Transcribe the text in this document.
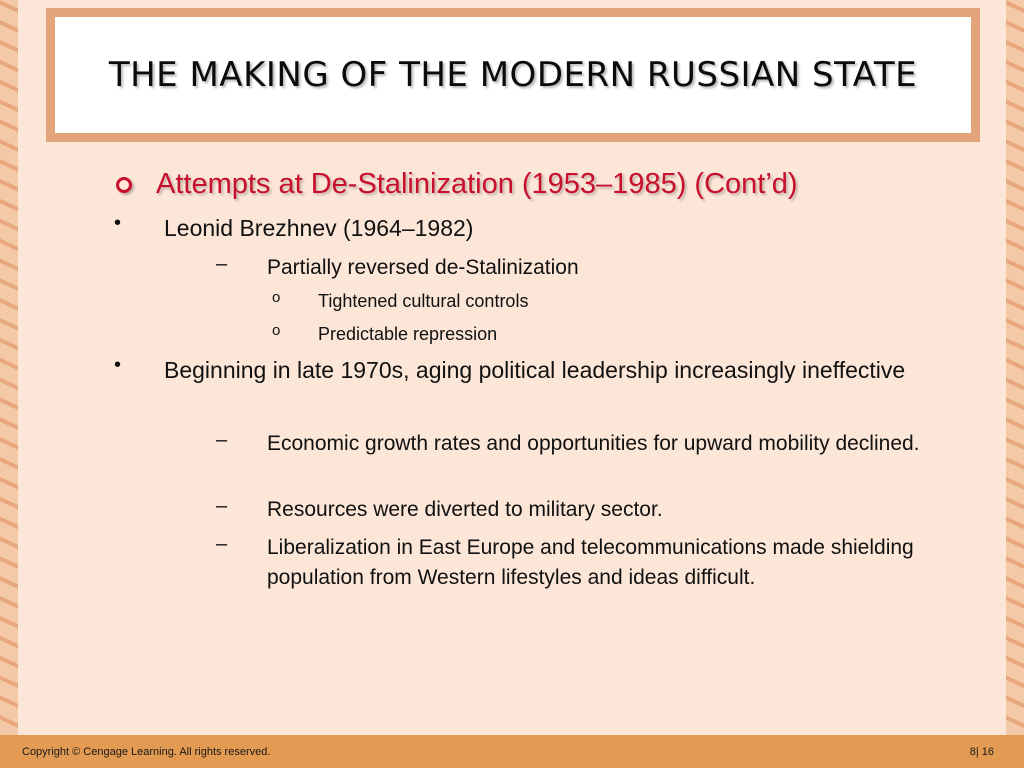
THE MAKING OF THE MODERN RUSSIAN STATE
Attempts at De-Stalinization (1953–1985) (Cont’d)
• Leonid Brezhnev (1964–1982)
– Partially reversed de-Stalinization
o Tightened cultural controls
o Predictable repression
• Beginning in late 1970s, aging political leadership increasingly ineffective
– Economic growth rates and opportunities for upward mobility declined.
– Resources were diverted to military sector.
– Liberalization in East Europe and telecommunications made shielding population from Western lifestyles and ideas difficult.
Copyright © Cengage Learning. All rights reserved.	8| 16
